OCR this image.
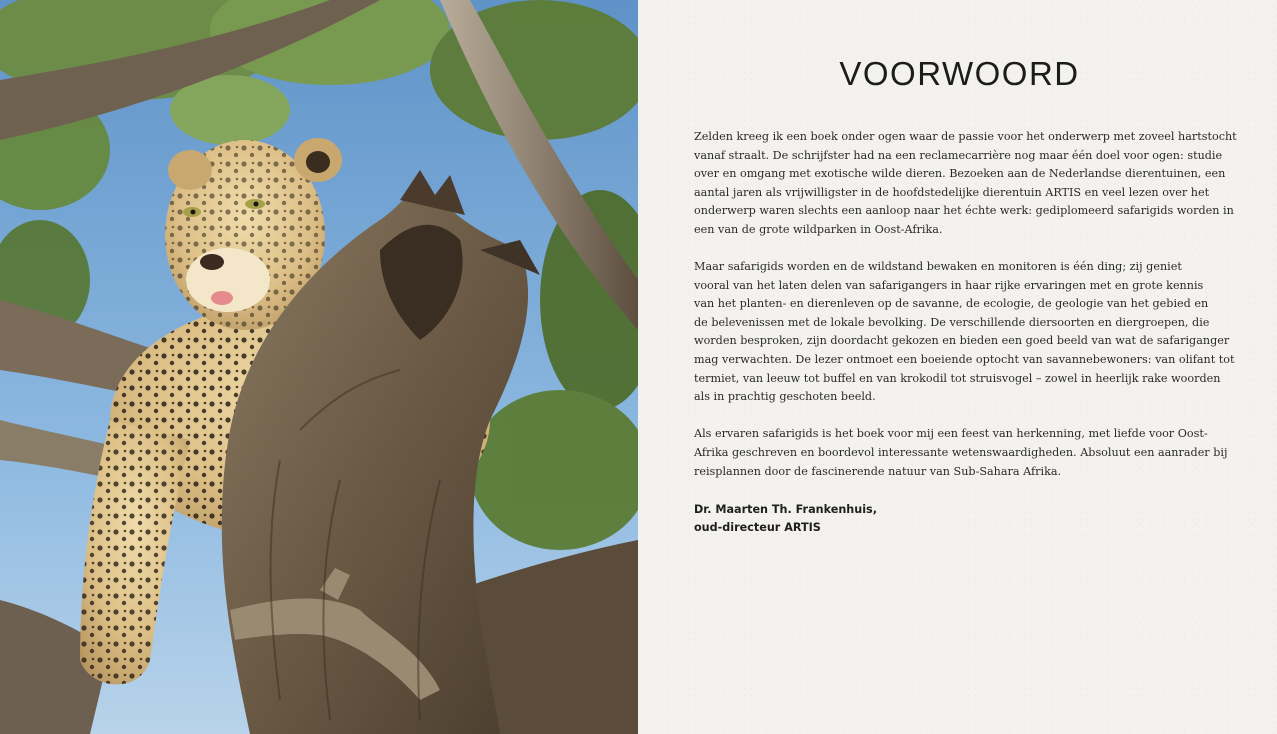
VOORWOORD

Zelden kreeg ik een boek onder ogen waar de passie voor het onderwerp met zoveel hartstocht
vanaf straalt. De schrijfster had na een reclamecarrière nog maar één doel voor ogen: studie
over en omgang met exotische wilde dieren. Bezoeken aan de Nederlandse dierentuinen, een
aantal jaren als vrijwilligster in de hoofdstedelijke dierentuin ARTIS en veel lezen over het
onderwerp waren slechts een aanloop naar het échte werk: gediplomeerd safarigids worden in
een van de grote wildparken in Oost-Afrika.

Maar safarigids worden en de wildstand bewaken en monitoren is één ding; zij geniet
vooral van het laten delen van safarigangers in haar rijke ervaringen met en grote kennis
van het planten- en dierenleven op de savanne, de ecologie, de geologie van het gebied en
de belevenissen met de lokale bevolking. De verschillende diersoorten en diergroepen, die
worden besproken, zijn doordacht gekozen en bieden een goed beeld van wat de safariganger
mag verwachten. De lezer ontmoet een boeiende optocht van savannebewoners: van olifant tot
termiet, van leeuw tot buffel en van krokodil tot struisvogel – zowel in heerlijk rake woorden
als in prachtig geschoten beeld.

Als ervaren safarigids is het boek voor mij een feest van herkenning, met liefde voor Oost-
Afrika geschreven en boordevol interessante wetenswaardigheden. Absoluut een aanrader bij
reisplannen door de fascinerende natuur van Sub-Sahara Afrika.

Dr. Maarten Th. Frankenhuis,
oud-directeur ARTIS
